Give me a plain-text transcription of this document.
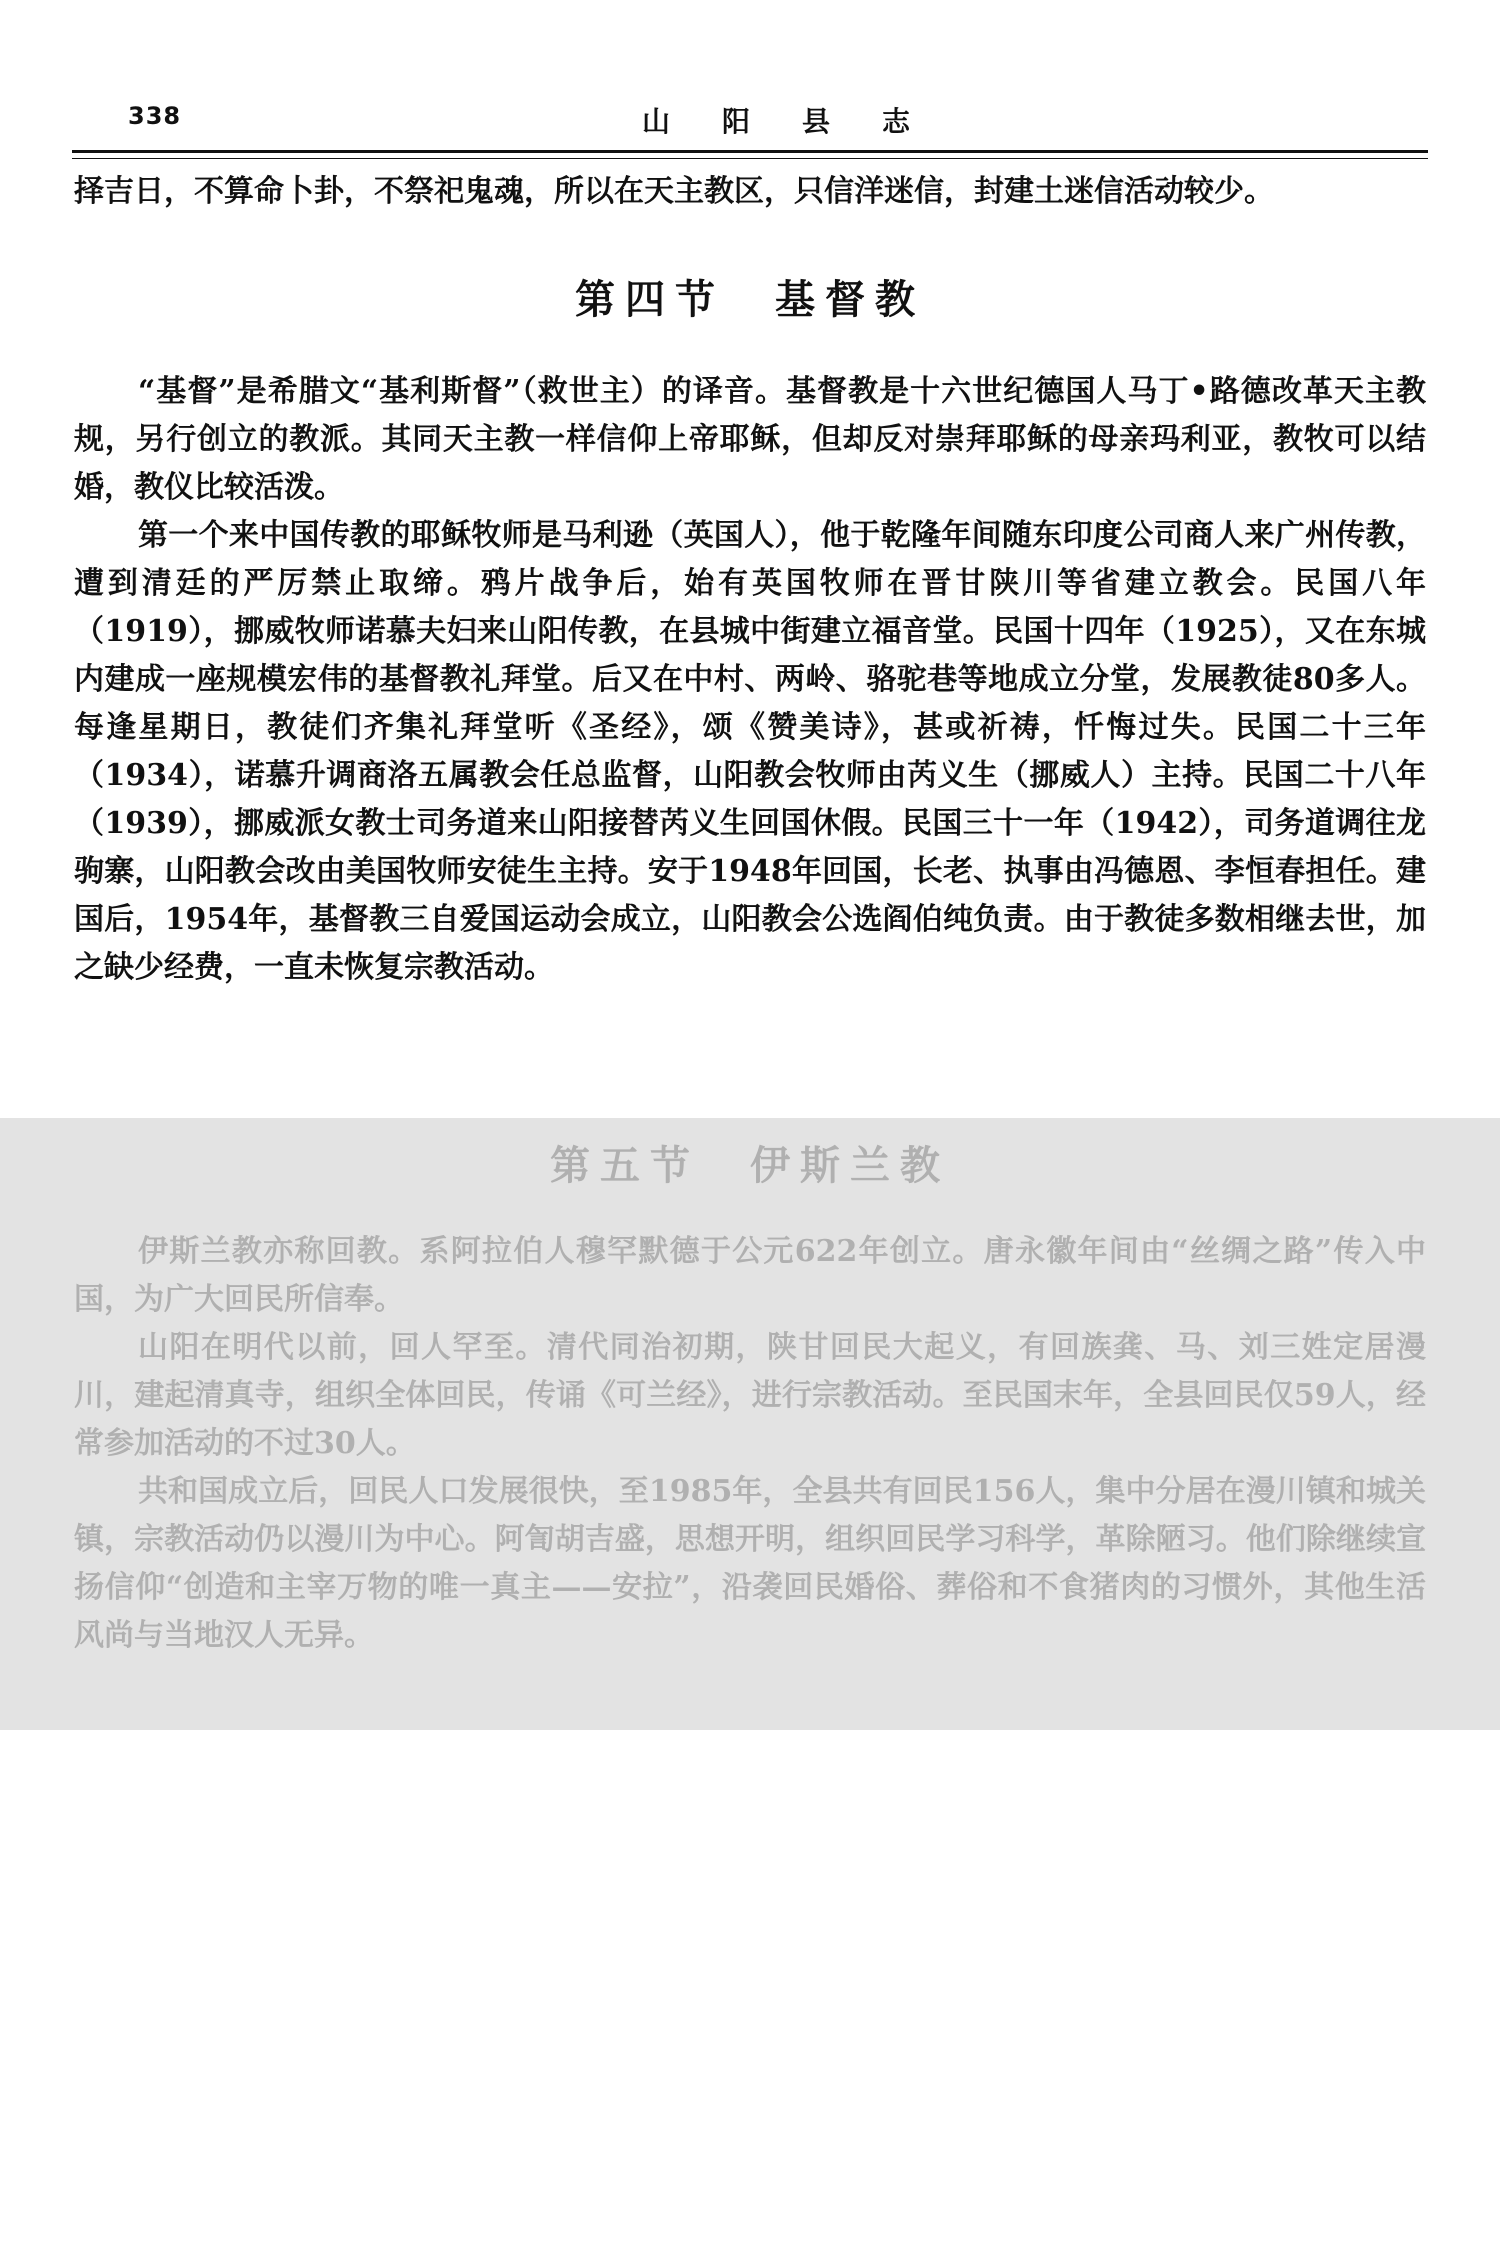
338	山阳县志

择吉日，不算命卜卦，不祭祀鬼魂，所以在天主教区，只信洋迷信，封建土迷信活动较少。

第四节　基督教

“基督”是希腊文“基利斯督”（救世主）的译音。基督教是十六世纪德国人马丁•路德改革天主教规，另行创立的教派。其同天主教一样信仰上帝耶稣，但却反对崇拜耶稣的母亲玛利亚，教牧可以结婚，教仪比较活泼。

第一个来中国传教的耶稣牧师是马利逊（英国人），他于乾隆年间随东印度公司商人来广州传教，遭到清廷的严厉禁止取缔。鸦片战争后，始有英国牧师在晋甘陕川等省建立教会。民国八年（1919），挪威牧师诺慕夫妇来山阳传教，在县城中街建立福音堂。民国十四年（1925），又在东城内建成一座规模宏伟的基督教礼拜堂。后又在中村、两岭、骆驼巷等地成立分堂，发展教徒80多人。每逢星期日，教徒们齐集礼拜堂听《圣经》，颂《赞美诗》，甚或祈祷，忏悔过失。民国二十三年（1934），诺慕升调商洛五属教会任总监督，山阳教会牧师由芮义生（挪威人）主持。民国二十八年（1939），挪威派女教士司务道来山阳接替芮义生回国休假。民国三十一年（1942），司务道调往龙驹寨，山阳教会改由美国牧师安徒生主持。安于1948年回国，长老、执事由冯德恩、李恒春担任。建国后，1954年，基督教三自爱国运动会成立，山阳教会公选阎伯纯负责。由于教徒多数相继去世，加之缺少经费，一直未恢复宗教活动。

第五节　伊斯兰教

伊斯兰教亦称回教。系阿拉伯人穆罕默德于公元622年创立。唐永徽年间由“丝绸之路”传入中国，为广大回民所信奉。

山阳在明代以前，回人罕至。清代同治初期，陕甘回民大起义，有回族龚、马、刘三姓定居漫川，建起清真寺，组织全体回民，传诵《可兰经》，进行宗教活动。至民国末年，全县回民仅59人，经常参加活动的不过30人。

共和国成立后，回民人口发展很快，至1985年，全县共有回民156人，集中分居在漫川镇和城关镇，宗教活动仍以漫川为中心。阿訇胡吉盛，思想开明，组织回民学习科学，革除陋习。他们除继续宣扬信仰“创造和主宰万物的唯一真主——安拉”，沿袭回民婚俗、葬俗和不食猪肉的习惯外，其他生活风尚与当地汉人无异。
